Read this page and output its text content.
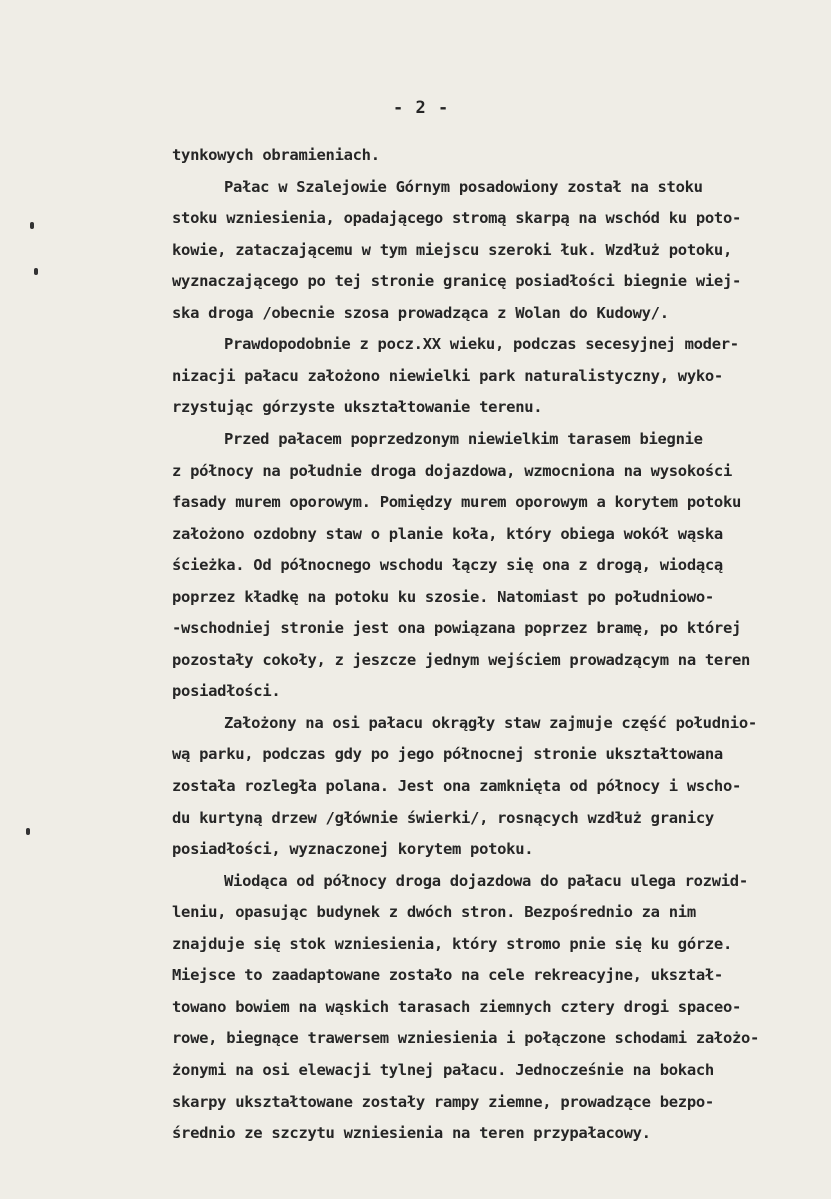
- 2 -
tynkowych obramieniach.
Pałac w Szalejowie Górnym posadowiony został na stoku
stoku wzniesienia, opadającego stromą skarpą na wschód ku poto-
kowie, zataczającemu w tym miejscu szeroki łuk. Wzdłuż potoku,
wyznaczającego po tej stronie granicę posiadłości biegnie wiej-
ska droga /obecnie szosa prowadząca z Wolan do Kudowy/.
Prawdopodobnie z pocz.XX wieku, podczas secesyjnej moder-
nizacji pałacu założono niewielki park naturalistyczny, wyko-
rzystując górzyste ukształtowanie terenu.
Przed pałacem poprzedzonym niewielkim tarasem biegnie
z północy na południe droga dojazdowa, wzmocniona na wysokości
fasady murem oporowym. Pomiędzy murem oporowym a korytem potoku
założono ozdobny staw o planie koła, który obiega wokół wąska
ścieżka. Od północnego wschodu łączy się ona z drogą, wiodącą
poprzez kładkę na potoku ku szosie. Natomiast po południowo-
-wschodniej stronie jest ona powiązana poprzez bramę, po której
pozostały cokoły, z jeszcze jednym wejściem prowadzącym na teren
posiadłości.
Założony na osi pałacu okrągły staw zajmuje część południo-
wą parku, podczas gdy po jego północnej stronie ukształtowana
została rozległa polana. Jest ona zamknięta od północy i wscho-
du kurtyną drzew /głównie świerki/, rosnących wzdłuż granicy
posiadłości, wyznaczonej korytem potoku.
Wiodąca od północy droga dojazdowa do pałacu ulega rozwid-
leniu, opasując budynek z dwóch stron. Bezpośrednio za nim
znajduje się stok wzniesienia, który stromo pnie się ku górze.
Miejsce to zaadaptowane zostało na cele rekreacyjne, ukształ-
towano bowiem na wąskich tarasach ziemnych cztery drogi spaceo-
rowe, biegnące trawersem wzniesienia i połączone schodami założo-
żonymi na osi elewacji tylnej pałacu. Jednocześnie na bokach
skarpy ukształtowane zostały rampy ziemne, prowadzące bezpo-
średnio ze szczytu wzniesienia na teren przypałacowy.
